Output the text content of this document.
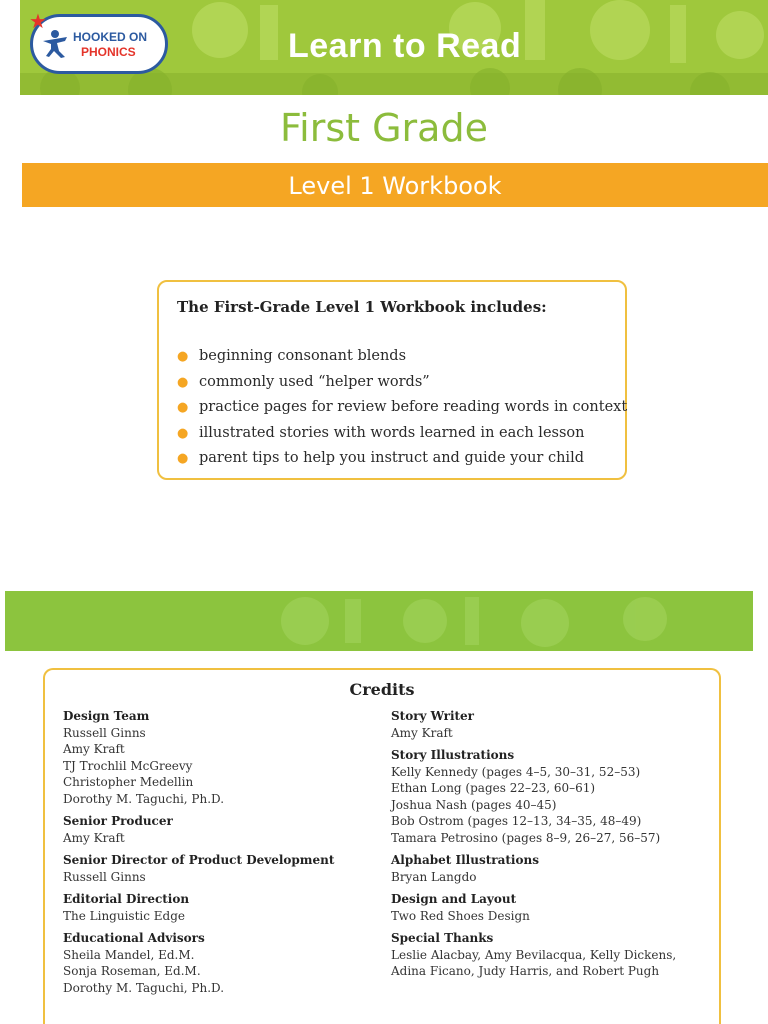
★
HOOKED ON
PHONICS	Learn to Read
First Grade
Level 1 Workbook
The First-Grade Level 1 Workbook includes:
● beginning consonant blends
● commonly used “helper words”
● practice pages for review before reading words in context
● illustrated stories with words learned in each lesson
● parent tips to help you instruct and guide your child
Credits
Design Team
Russell Ginns
Amy Kraft
TJ Trochlil McGreevy
Christopher Medellin
Dorothy M. Taguchi, Ph.D.
Senior Producer
Amy Kraft
Senior Director of Product Development
Russell Ginns
Editorial Direction
The Linguistic Edge
Educational Advisors
Sheila Mandel, Ed.M.
Sonja Roseman, Ed.M.
Dorothy M. Taguchi, Ph.D.
Story Writer
Amy Kraft
Story Illustrations
Kelly Kennedy (pages 4–5, 30–31, 52–53)
Ethan Long (pages 22–23, 60–61)
Joshua Nash (pages 40–45)
Bob Ostrom (pages 12–13, 34–35, 48–49)
Tamara Petrosino (pages 8–9, 26–27, 56–57)
Alphabet Illustrations
Bryan Langdo
Design and Layout
Two Red Shoes Design
Special Thanks
Leslie Alacbay, Amy Bevilacqua, Kelly Dickens,
Adina Ficano, Judy Harris, and Robert Pugh
